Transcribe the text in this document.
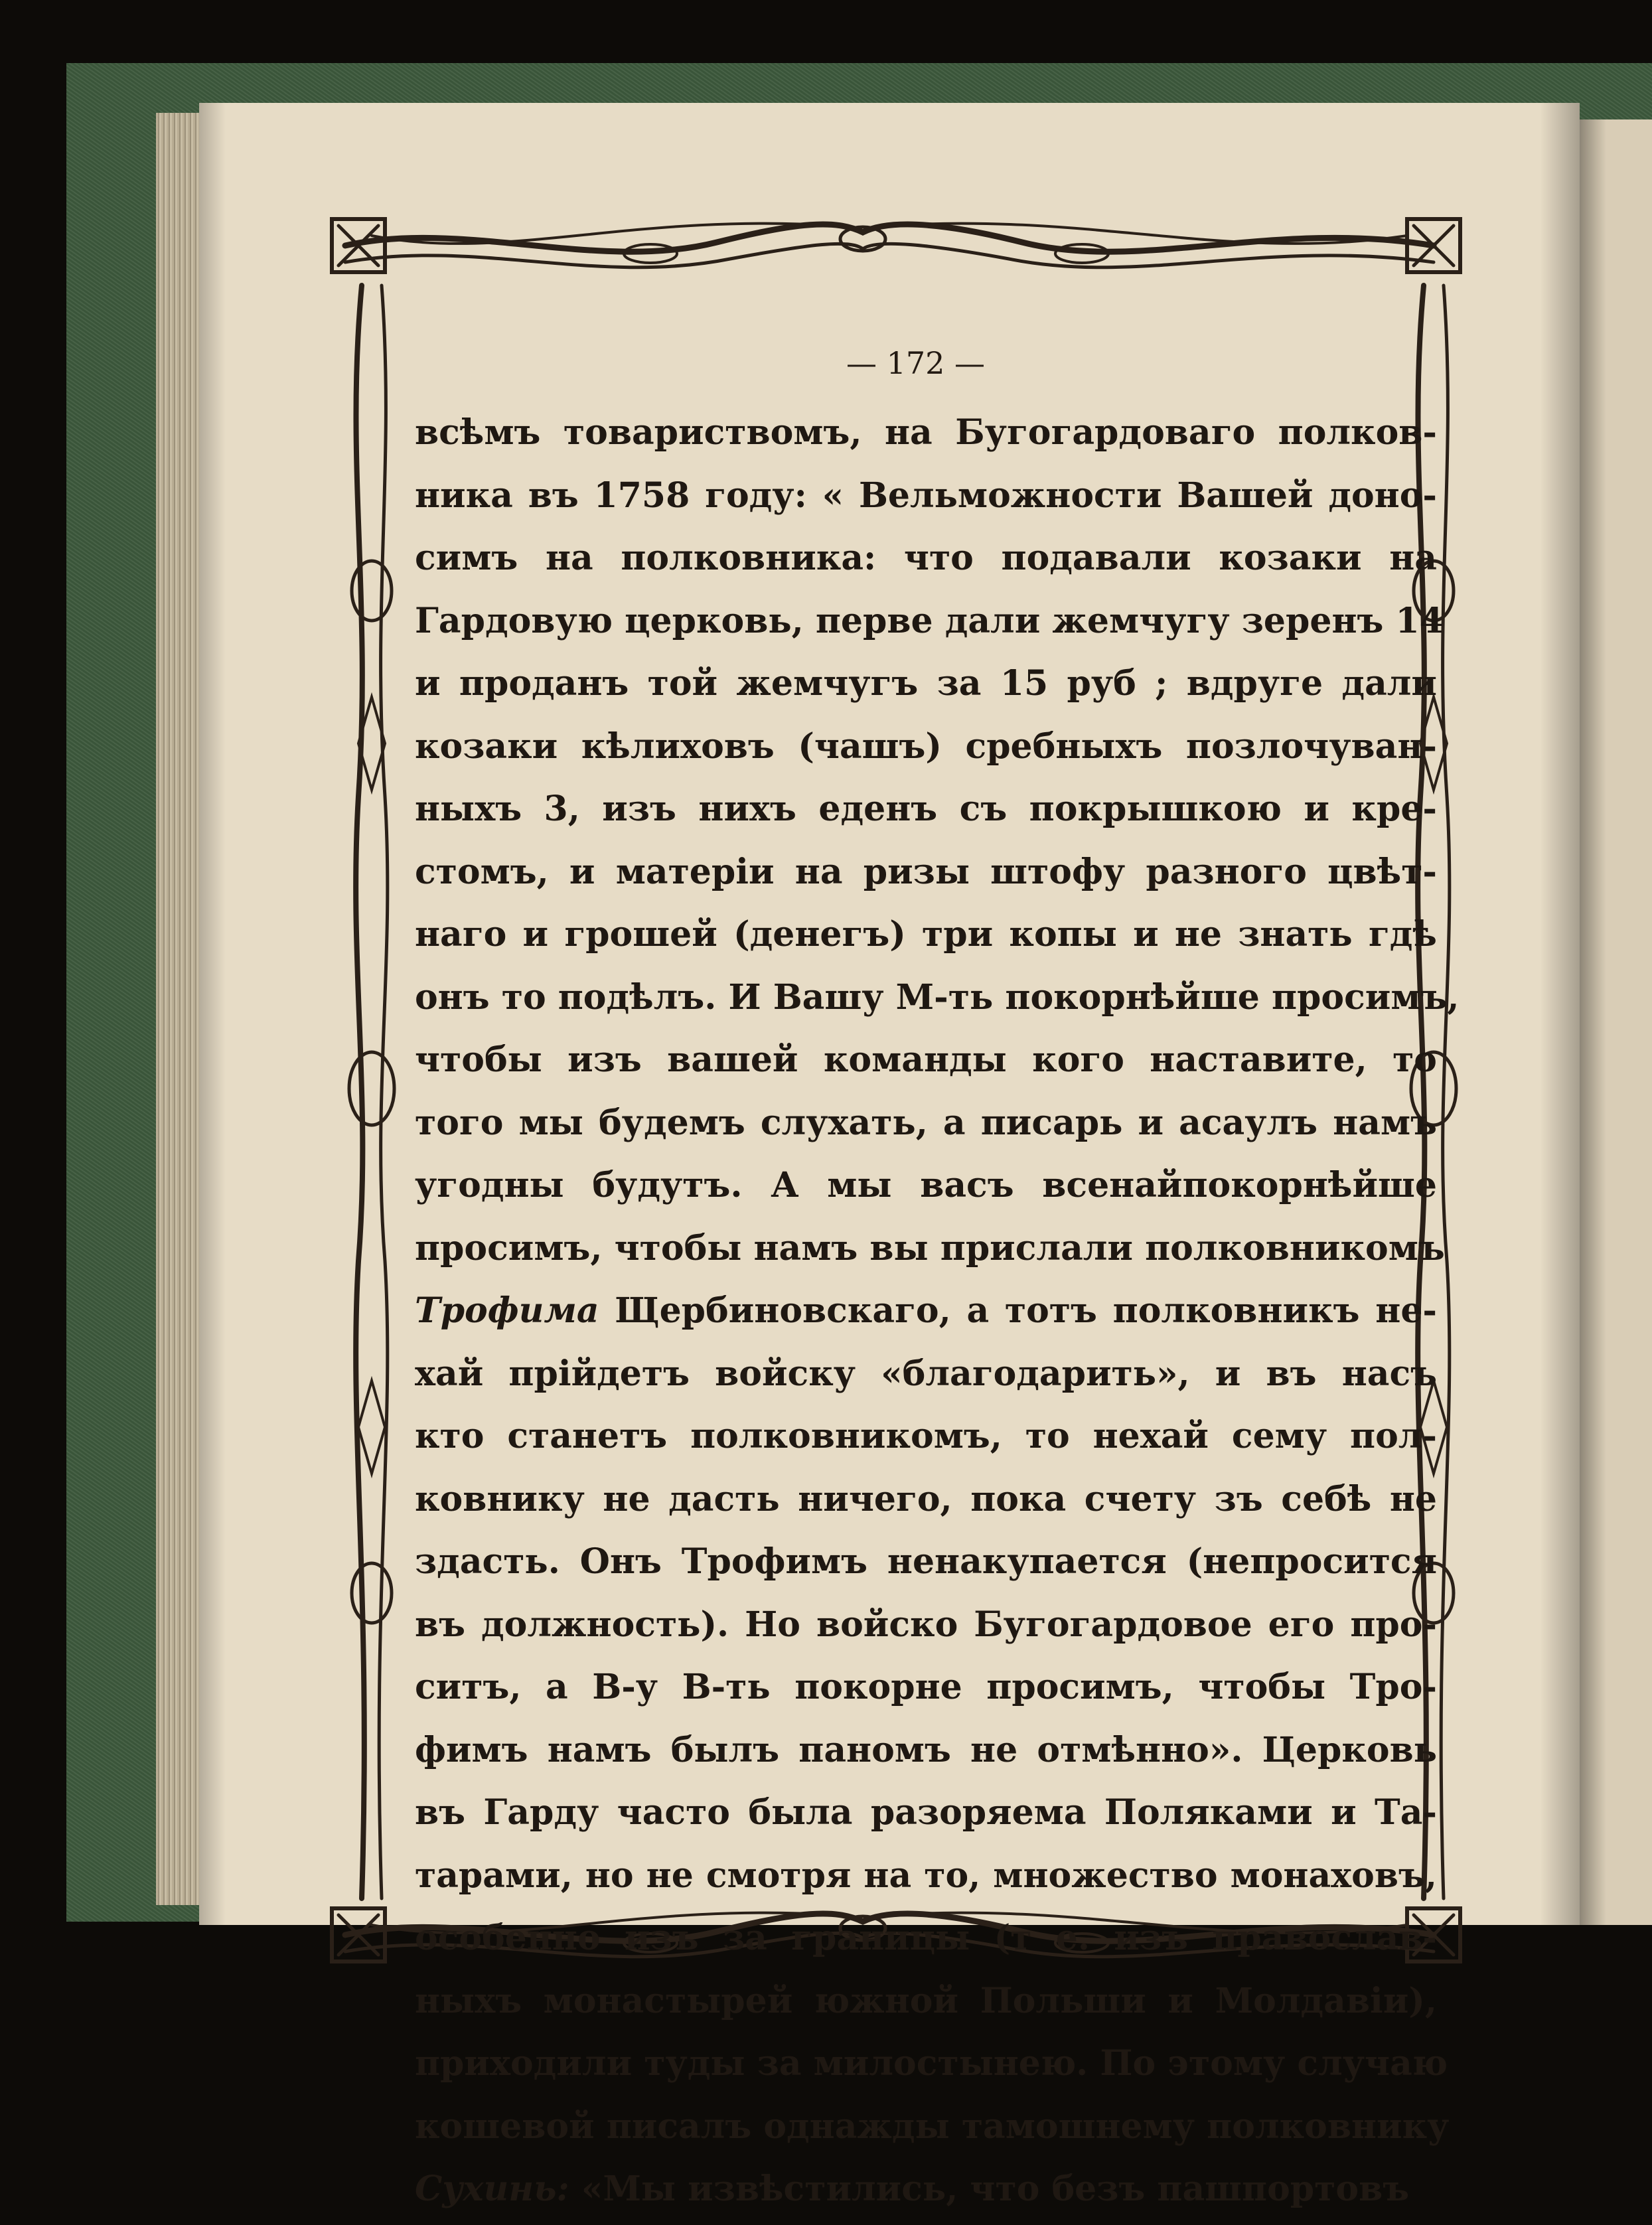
всѣмъ товариствомъ, на Бугогардоваго полков-
ника въ 1758 году: « Вельможности Вашей доно-
симъ на полковника: что подавали козаки на
Гардовую церковь, перве дали жемчугу зеренъ 14
и проданъ той жемчугъ за 15 руб ; вдруге дали
козаки кѣлиховъ (чашъ) сребныхъ позлочуван-
ныхъ 3, изъ нихъ еденъ съ покрышкою и кре-
стомъ, и матеріи на ризы штофу разного цвѣт-
наго и грошей (денегъ) три копы и не знать гдѣ
онъ то подѣлъ. И Вашу М-ть покорнѣйше просимъ,
чтобы изъ вашей команды кого наставите, то
того мы будемъ слухать, а писарь и асаулъ намъ
угодны будутъ. А мы васъ всенайпокорнѣйше
просимъ, чтобы намъ вы прислали полковникомъ
Трофима Щербиновскаго, а тотъ полковникъ не-
хай прійдетъ войску «благодарить», и въ насъ
кто станетъ полковникомъ, то нехай сему пол-
ковнику не дасть ничего, пока счету зъ себѣ не
здасть. Онъ Трофимъ ненакупается (непросится
въ должность). Но войско Бугогардовое его про-
ситъ, а В-у В-ть покорне просимъ, чтобы Тро-
фимъ намъ былъ паномъ не отмѣнно». Церковь
въ Гарду часто была разоряема Поляками и Та-
тарами, но не смотря на то, множество монаховъ,
особенно изъ за границы (т е. изъ православ-
ныхъ монастырей южной Польши и Молдавіи),
приходили туды за милостынею. По этому случаю
кошевой писалъ однажды тамошнему полковнику
Сухинь: «Мы извѣстились, что безъ пашпортовъ
